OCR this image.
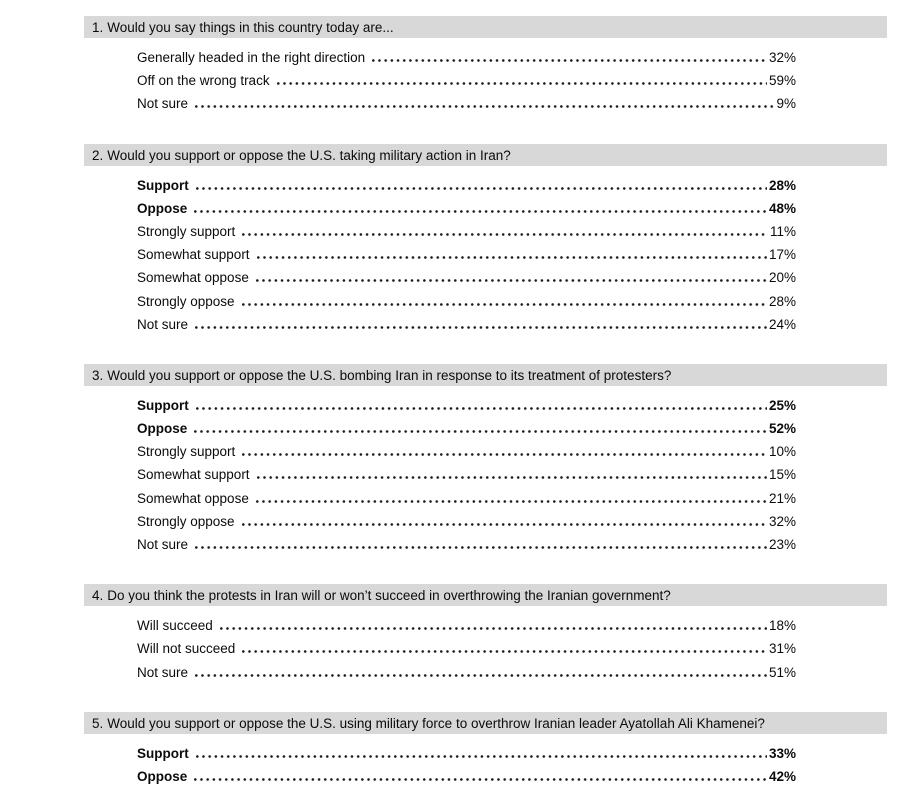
1. Would you say things in this country today are...
Generally headed in the right direction	32%
Off on the wrong track	59%
Not sure	9%
2. Would you support or oppose the U.S. taking military action in Iran?
Support	28%
Oppose	48%
Strongly support	11%
Somewhat support	17%
Somewhat oppose	20%
Strongly oppose	28%
Not sure	24%
3. Would you support or oppose the U.S. bombing Iran in response to its treatment of protesters?
Support	25%
Oppose	52%
Strongly support	10%
Somewhat support	15%
Somewhat oppose	21%
Strongly oppose	32%
Not sure	23%
4. Do you think the protests in Iran will or won’t succeed in overthrowing the Iranian government?
Will succeed	18%
Will not succeed	31%
Not sure	51%
5. Would you support or oppose the U.S. using military force to overthrow Iranian leader Ayatollah Ali Khamenei?
Support	33%
Oppose	42%
